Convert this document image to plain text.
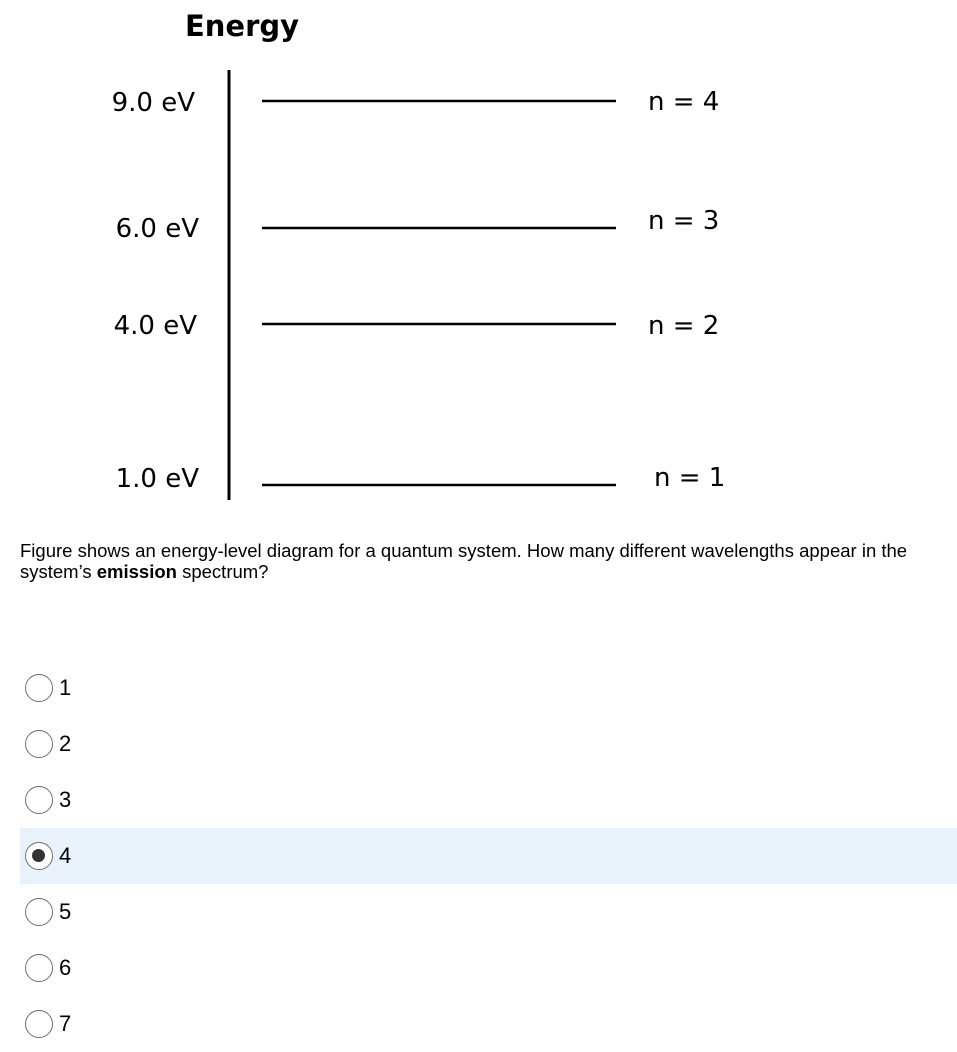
Energy
9.0 eV	n = 4
6.0 eV	n = 3
4.0 eV	n = 2
1.0 eV	n = 1
Figure shows an energy-level diagram for a quantum system. How many different wavelengths appear in the system’s emission spectrum?
1
2
3
4
5
6
7
